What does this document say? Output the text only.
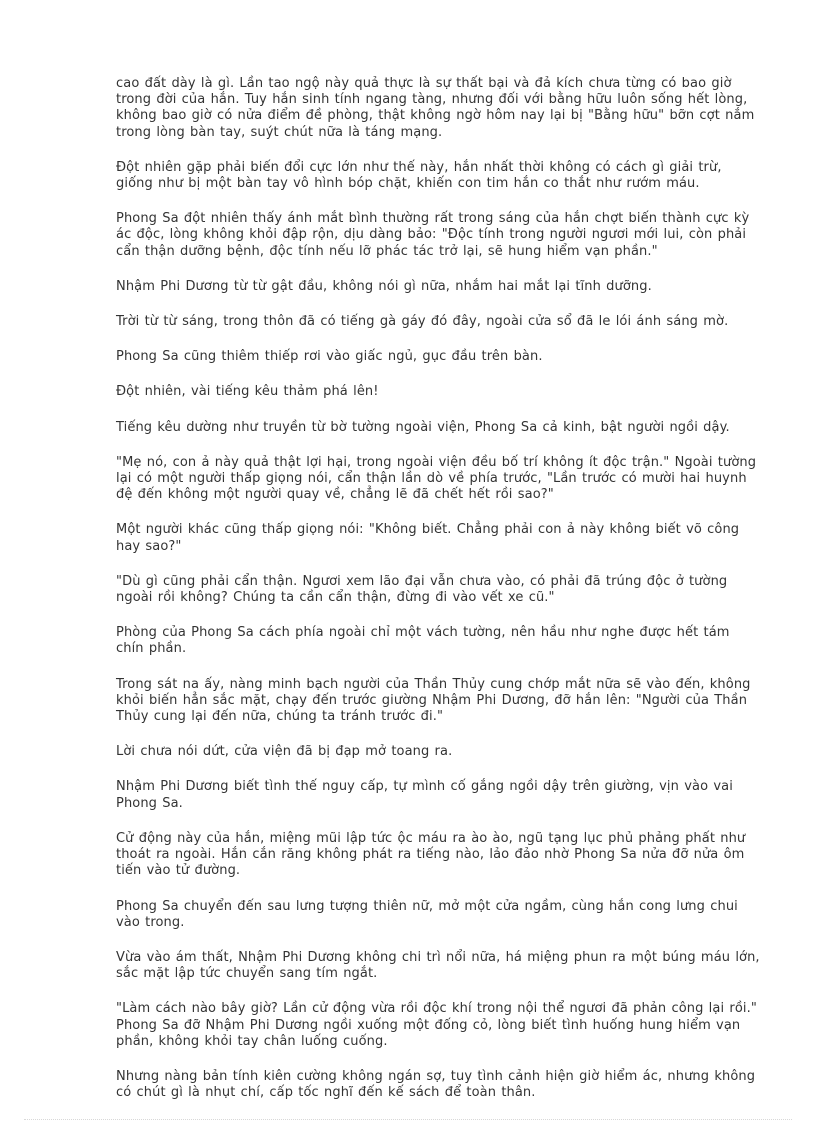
cao đất dày là gì. Lần tao ngộ này quả thực là sự thất bại và đả kích chưa từng có bao giờ trong đời của hắn. Tuy hắn sinh tính ngang tàng, nhưng đối với bằng hữu luôn sống hết lòng, không bao giờ có nửa điểm đề phòng, thật không ngờ hôm nay lại bị "Bằng hữu" bỡn cợt nắm trong lòng bàn tay, suýt chút nữa là táng mạng.

Đột nhiên gặp phải biến đổi cực lớn như thế này, hắn nhất thời không có cách gì giải trừ, giống như bị một bàn tay vô hình bóp chặt, khiến con tim hắn co thắt như rướm máu.

Phong Sa đột nhiên thấy ánh mắt bình thường rất trong sáng của hắn chợt biến thành cực kỳ ác độc, lòng không khỏi đập rộn, dịu dàng bảo: "Độc tính trong người ngươi mới lui, còn phải cẩn thận dưỡng bệnh, độc tính nếu lỡ phác tác trở lại, sẽ hung hiểm vạn phần."

Nhậm Phi Dương từ từ gật đầu, không nói gì nữa, nhắm hai mắt lại tĩnh dưỡng.

Trời từ từ sáng, trong thôn đã có tiếng gà gáy đó đây, ngoài cửa sổ đã le lói ánh sáng mờ.

Phong Sa cũng thiêm thiếp rơi vào giấc ngủ, gục đầu trên bàn.

Đột nhiên, vài tiếng kêu thảm phá lên!

Tiếng kêu dường như truyền từ bờ tường ngoài viện, Phong Sa cả kinh, bật người ngồi dậy.

"Mẹ nó, con ả này quả thật lợi hại, trong ngoài viện đều bố trí không ít độc trận." Ngoài tường lại có một người thấp giọng nói, cẩn thận lần dò về phía trước, "Lần trước có mười hai huynh đệ đến không một người quay về, chẳng lẽ đã chết hết rồi sao?"

Một người khác cũng thấp giọng nói: "Không biết. Chẳng phải con ả này không biết võ công hay sao?"

"Dù gì cũng phải cẩn thận. Ngươi xem lão đại vẫn chưa vào, có phải đã trúng độc ở tường ngoài rồi không? Chúng ta cần cẩn thận, đừng đi vào vết xe cũ."

Phòng của Phong Sa cách phía ngoài chỉ một vách tường, nên hầu như nghe được hết tám chín phần.

Trong sát na ấy, nàng minh bạch người của Thần Thủy cung chớp mắt nữa sẽ vào đến, không khỏi biến hẳn sắc mặt, chạy đến trước giường Nhậm Phi Dương, đỡ hắn lên: "Người của Thần Thủy cung lại đến nữa, chúng ta tránh trước đi."

Lời chưa nói dứt, cửa viện đã bị đạp mở toang ra.

Nhậm Phi Dương biết tình thế nguy cấp, tự mình cố gắng ngồi dậy trên giường, vịn vào vai Phong Sa.

Cử động này của hắn, miệng mũi lập tức ộc máu ra ào ào, ngũ tạng lục phủ phảng phất như thoát ra ngoài. Hắn cắn răng không phát ra tiếng nào, lảo đảo nhờ Phong Sa nửa đỡ nửa ôm tiến vào tử đường.

Phong Sa chuyển đến sau lưng tượng thiên nữ, mở một cửa ngầm, cùng hắn cong lưng chui vào trong.

Vừa vào ám thất, Nhậm Phi Dương không chi trì nổi nữa, há miệng phun ra một búng máu lớn, sắc mặt lập tức chuyển sang tím ngắt.

"Làm cách nào bây giờ? Lần cử động vừa rồi độc khí trong nội thể ngươi đã phản công lại rồi." Phong Sa đỡ Nhậm Phi Dương ngồi xuống một đống cỏ, lòng biết tình huống hung hiểm vạn phần, không khỏi tay chân luống cuống.

Nhưng nàng bản tính kiên cường không ngán sợ, tuy tình cảnh hiện giờ hiểm ác, nhưng không có chút gì là nhụt chí, cấp tốc nghĩ đến kế sách để toàn thân.
